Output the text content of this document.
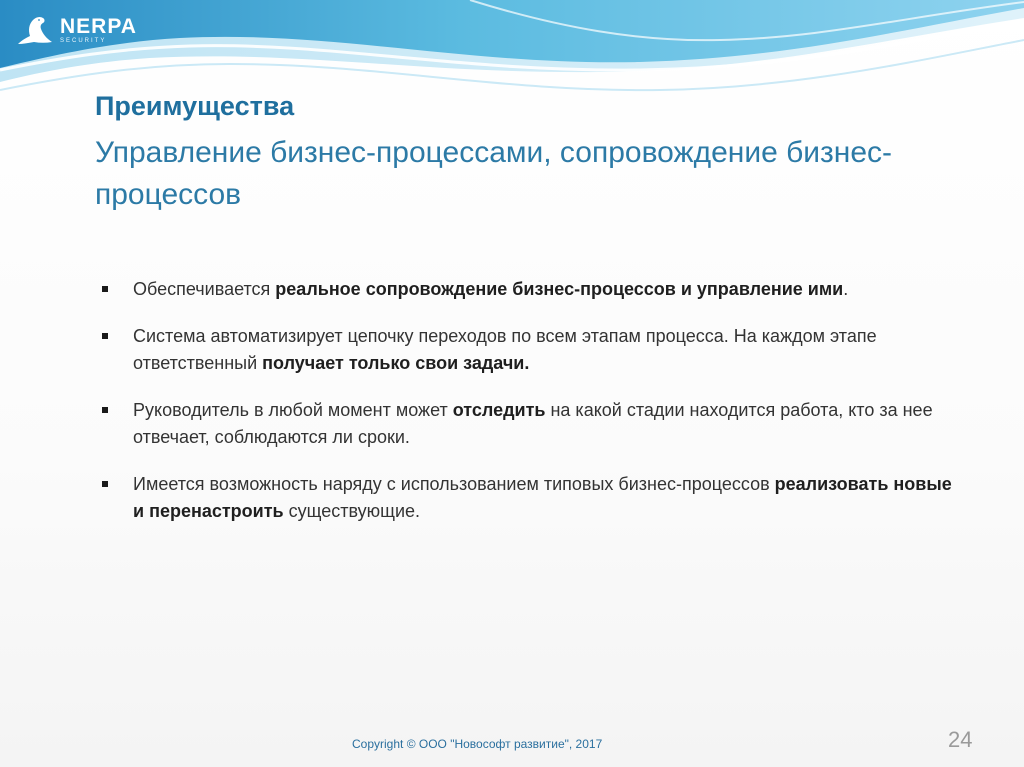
NERPA
SECURITY
Преимущества
Управление бизнес-процессами, сопровождение бизнес-процессов
Обеспечивается реальное сопровождение бизнес-процессов и управление ими.
Система автоматизирует цепочку переходов по всем этапам процесса. На каждом этапе ответственный получает только свои задачи.
Руководитель в любой момент может отследить на какой стадии находится работа, кто за нее отвечает, соблюдаются ли сроки.
Имеется возможность наряду с использованием типовых бизнес-процессов реализовать новые и перенастроить существующие.
Copyright © ООО "Новософт развитие", 2017	24
